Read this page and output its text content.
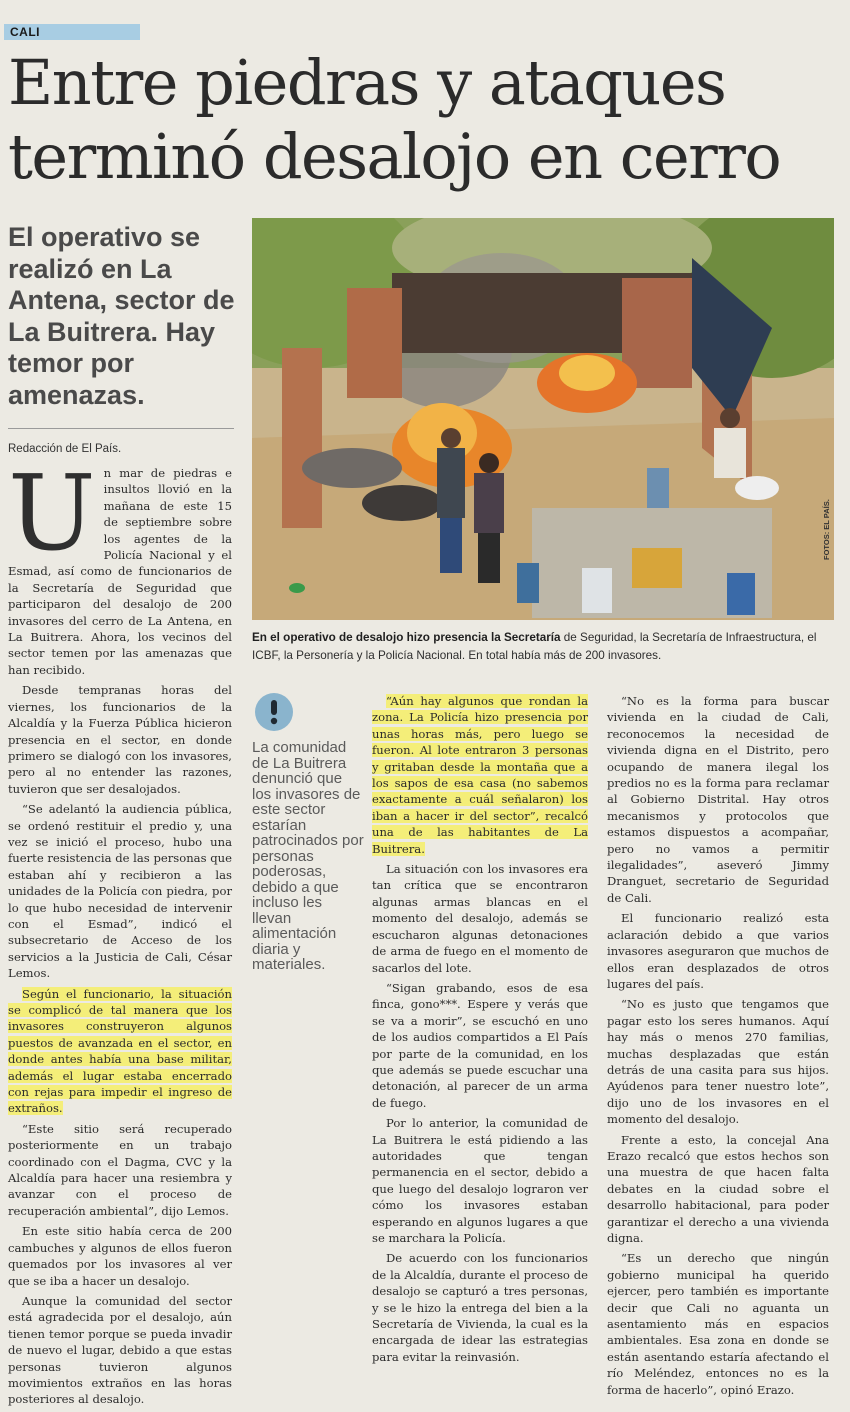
CALI
Entre piedras y ataques
terminó desalojo en cerro
El operativo se realizó en La Antena, sector de La Buitrera. Hay temor por amenazas.
Redacción de El País.
FOTOS: EL PAÍS.
En el operativo de desalojo hizo presencia la Secretaría de Seguridad, la Secretaría de Infraestructura, el ICBF, la Personería y la Policía Nacional. En total había más de 200 invasores.
U n mar de piedras e insultos llovió en la mañana de este 15 de septiembre sobre los agentes de la Policía Nacional y el Esmad, así como de funcionarios de la Secretaría de Seguridad que participaron del desalojo de 200 invasores del cerro de La Antena, en La Buitrera. Ahora, los vecinos del sector temen por las amenazas que han recibido.

Desde tempranas horas del viernes, los funcionarios de la Alcaldía y la Fuerza Pública hicieron presencia en el sector, en donde primero se dialogó con los invasores, pero al no entender las razones, tuvieron que ser desalojados.

“Se adelantó la audiencia pública, se ordenó restituir el predio y, una vez se inició el proceso, hubo una fuerte resistencia de las personas que estaban ahí y recibieron a las unidades de la Policía con piedra, por lo que hubo necesidad de intervenir con el Esmad”, indicó el subsecretario de Acceso de los servicios a la Justicia de Cali, César Lemos.

Según el funcionario, la situación se complicó de tal manera que los invasores construyeron algunos puestos de avanzada en el sector, en donde antes había una base militar, además el lugar estaba encerrado con rejas para impedir el ingreso de extraños.

“Este sitio será recuperado posteriormente en un trabajo coordinado con el Dagma, CVC y la Alcaldía para hacer una resiembra y avanzar con el proceso de recuperación ambiental”, dijo Lemos.

En este sitio había cerca de 200 cambuches y algunos de ellos fueron quemados por los invasores al ver que se iba a hacer un desalojo.

Aunque la comunidad del sector está agradecida por el desalojo, aún tienen temor porque se pueda invadir de nuevo el lugar, debido a que estas personas tuvieron algunos movimientos extraños en las horas posteriores al desalojo.

La comunidad de La Buitrera denunció que los invasores de este sector estarían patrocinados por personas poderosas, debido a que incluso les llevan alimentación diaria y materiales.

“Aún hay algunos que rondan la zona. La Policía hizo presencia por unas horas más, pero luego se fueron. Al lote entraron 3 personas y gritaban desde la montaña que a los sapos de esa casa (no sabemos exactamente a cuál señalaron) los iban a hacer ir del sector”, recalcó una de las habitantes de La Buitrera.

La situación con los invasores era tan crítica que se encontraron algunas armas blancas en el momento del desalojo, además se escucharon algunas detonaciones de arma de fuego en el momento de sacarlos del lote.

“Sigan grabando, esos de esa finca, gono***. Espere y verás que se va a morir”, se escuchó en uno de los audios compartidos a El País por parte de la comunidad, en los que además se puede escuchar una detonación, al parecer de un arma de fuego.

Por lo anterior, la comunidad de La Buitrera le está pidiendo a las autoridades que tengan permanencia en el sector, debido a que luego del desalojo lograron ver cómo los invasores estaban esperando en algunos lugares a que se marchara la Policía.

De acuerdo con los funcionarios de la Alcaldía, durante el proceso de desalojo se capturó a tres personas, y se le hizo la entrega del bien a la Secretaría de Vivienda, la cual es la encargada de idear las estrategias para evitar la reinvasión.

“No es la forma para buscar vivienda en la ciudad de Cali, reconocemos la necesidad de vivienda digna en el Distrito, pero ocupando de manera ilegal los predios no es la forma para reclamar al Gobierno Distrital. Hay otros mecanismos y protocolos que estamos dispuestos a acompañar, pero no vamos a permitir ilegalidades”, aseveró Jimmy Dranguet, secretario de Seguridad de Cali.

El funcionario realizó esta aclaración debido a que varios invasores aseguraron que muchos de ellos eran desplazados de otros lugares del país.

“No es justo que tengamos que pagar esto los seres humanos. Aquí hay más o menos 270 familias, muchas desplazadas que están detrás de una casita para sus hijos. Ayúdenos para tener nuestro lote”, dijo uno de los invasores en el momento del desalojo.

Frente a esto, la concejal Ana Erazo recalcó que estos hechos son una muestra de que hacen falta debates en la ciudad sobre el desarrollo habitacional, para poder garantizar el derecho a una vivienda digna.

“Es un derecho que ningún gobierno municipal ha querido ejercer, pero también es importante decir que Cali no aguanta un asentamiento más en espacios ambientales. Esa zona en donde se están asentando estaría afectando el río Meléndez, entonces no es la forma de hacerlo”, opinó Erazo.
